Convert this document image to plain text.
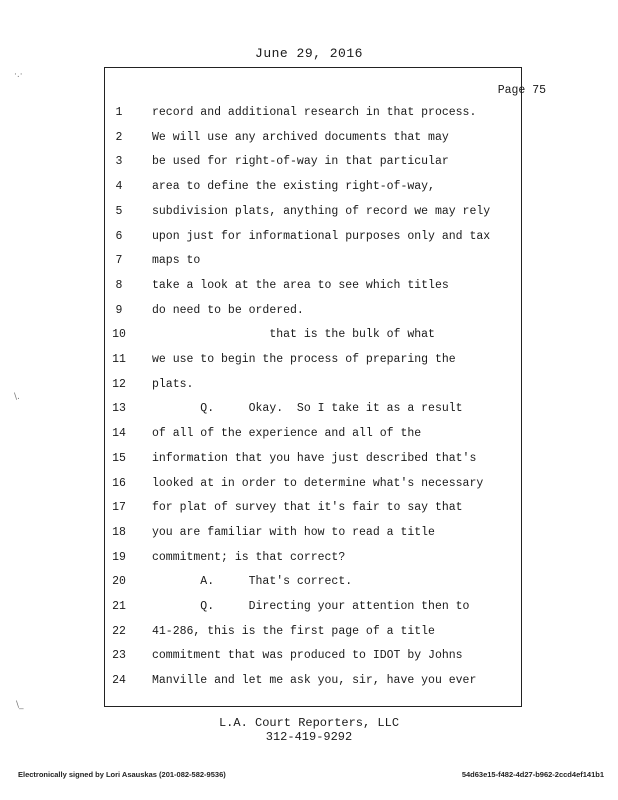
June 29, 2016
·.·
\.
\_
Page 75
1	record and additional research in that process.
2	We will use any archived documents that may
3	be used for right-of-way in that particular
4	area to define the existing right-of-way,
5	subdivision plats, anything of record we may rely
6	upon just for informational purposes only and tax
7	maps to
8	take a look at the area to see which titles
9	do need to be ordered.
10	that is the bulk of what
11	we use to begin the process of preparing the
12	plats.
13	Q.     Okay.  So I take it as a result
14	of all of the experience and all of the
15	information that you have just described that's
16	looked at in order to determine what's necessary
17	for plat of survey that it's fair to say that
18	you are familiar with how to read a title
19	commitment; is that correct?
20	A.     That's correct.
21	Q.     Directing your attention then to
22	41-286, this is the first page of a title
23	commitment that was produced to IDOT by Johns
24	Manville and let me ask you, sir, have you ever
L.A. Court Reporters, LLC
312-419-9292
Electronically signed by Lori Asauskas (201-082-582-9536)	54d63e15-f482-4d27-b962-2ccd4ef141b1
